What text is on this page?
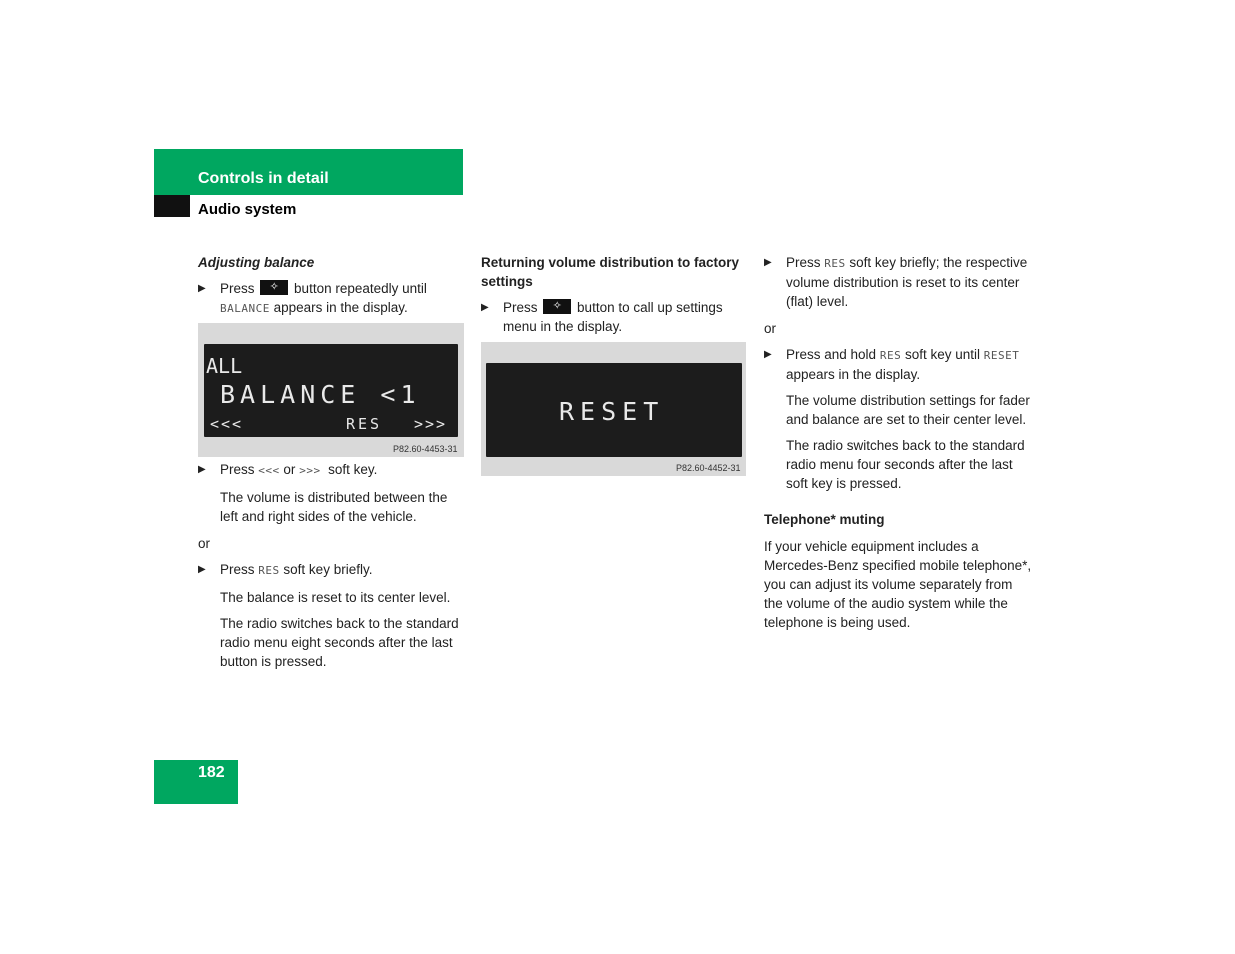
Controls in detail
Audio system

Adjusting balance

▶ Press	✧	button repeatedly until
BALANCE appears in the display.

ALL
BALANCE <1
<<<	RES >>>
P82.60-4453-31

▶ Press <<< or >>> soft key.

The volume is distributed between the left and right sides of the vehicle.

or

▶ Press RES soft key briefly.

The balance is reset to its center level.

The radio switches back to the standard radio menu eight seconds after the last button is pressed.

Returning volume distribution to factory settings

▶ Press	✧	button to call up settings menu in the display.

RESET
P82.60-4452-31

▶ Press RES soft key briefly; the respective volume distribution is reset to its center (flat) level.

or

▶ Press and hold RES soft key until RESET appears in the display.

The volume distribution settings for fader and balance are set to their center level.

The radio switches back to the standard radio menu four seconds after the last soft key is pressed.

Telephone* muting

If your vehicle equipment includes a Mercedes-Benz specified mobile telephone*, you can adjust its volume separately from the volume of the audio system while the telephone is being used.

182
